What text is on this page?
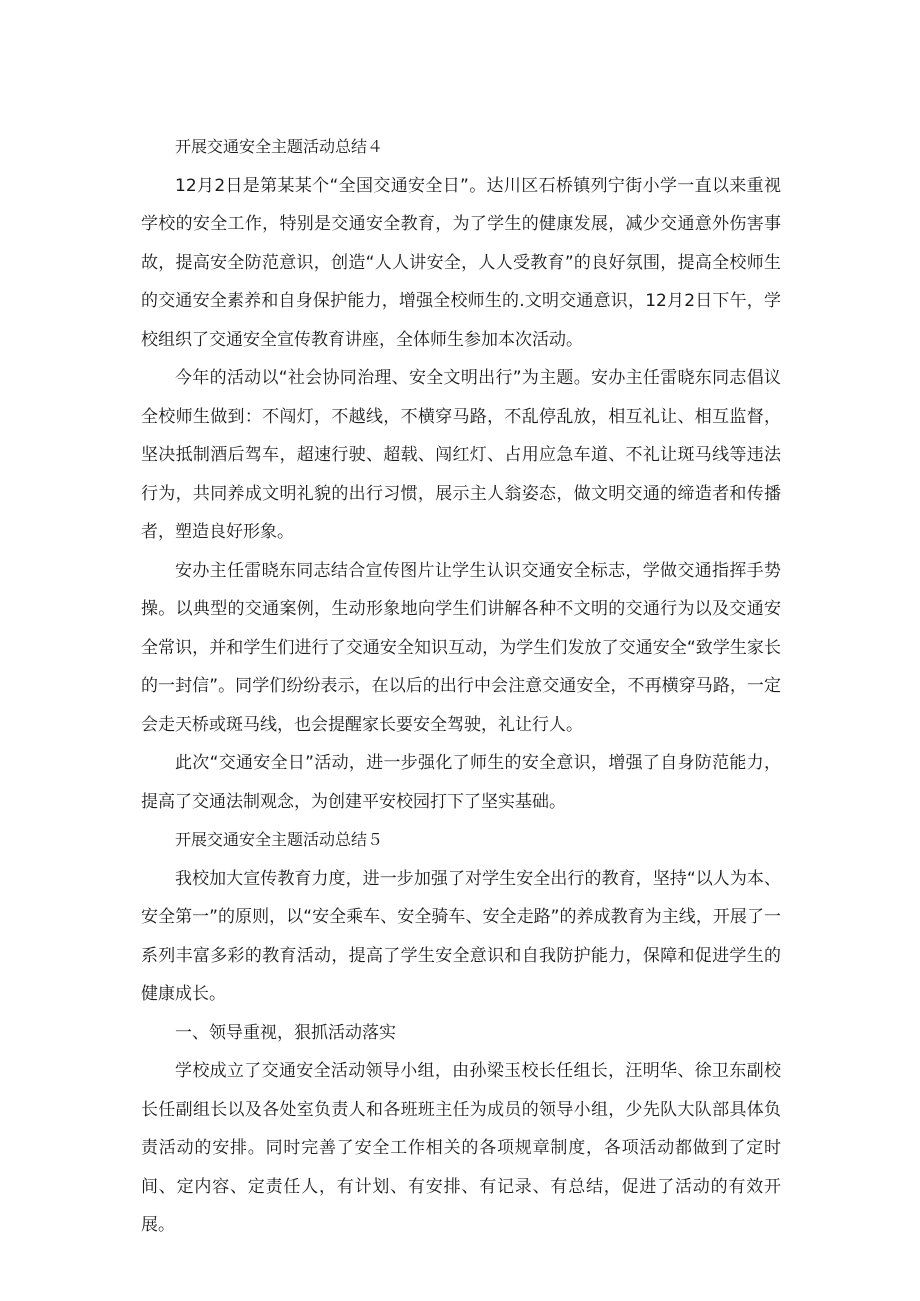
开展交通安全主题活动总结４

12月2日是第某某个“全国交通安全日”。达川区石桥镇列宁街小学一直以来重视学校的安全工作，特别是交通安全教育，为了学生的健康发展，减少交通意外伤害事故，提高安全防范意识，创造“人人讲安全，人人受教育”的良好氛围，提高全校师生的交通安全素养和自身保护能力，增强全校师生的.文明交通意识，12月2日下午，学校组织了交通安全宣传教育讲座，全体师生参加本次活动。

今年的活动以“社会协同治理、安全文明出行”为主题。安办主任雷晓东同志倡议全校师生做到：不闯灯，不越线，不横穿马路，不乱停乱放，相互礼让、相互监督，坚决抵制酒后驾车，超速行驶、超载、闯红灯、占用应急车道、不礼让斑马线等违法行为，共同养成文明礼貌的出行习惯，展示主人翁姿态，做文明交通的缔造者和传播者，塑造良好形象。

安办主任雷晓东同志结合宣传图片让学生认识交通安全标志，学做交通指挥手势操。以典型的交通案例，生动形象地向学生们讲解各种不文明的交通行为以及交通安全常识，并和学生们进行了交通安全知识互动，为学生们发放了交通安全“致学生家长的一封信”。同学们纷纷表示，在以后的出行中会注意交通安全，不再横穿马路，一定会走天桥或斑马线，也会提醒家长要安全驾驶，礼让行人。

此次“交通安全日”活动，进一步强化了师生的安全意识，增强了自身防范能力，提高了交通法制观念，为创建平安校园打下了坚实基础。

开展交通安全主题活动总结５

我校加大宣传教育力度，进一步加强了对学生安全出行的教育，坚持“以人为本、安全第一”的原则，以“安全乘车、安全骑车、安全走路”的养成教育为主线，开展了一系列丰富多彩的教育活动，提高了学生安全意识和自我防护能力，保障和促进学生的健康成长。

一、领导重视，狠抓活动落实

学校成立了交通安全活动领导小组，由孙梁玉校长任组长，汪明华、徐卫东副校长任副组长以及各处室负责人和各班班主任为成员的领导小组，少先队大队部具体负责活动的安排。同时完善了安全工作相关的各项规章制度，各项活动都做到了定时间、定内容、定责任人，有计划、有安排、有记录、有总结，促进了活动的有效开展。
